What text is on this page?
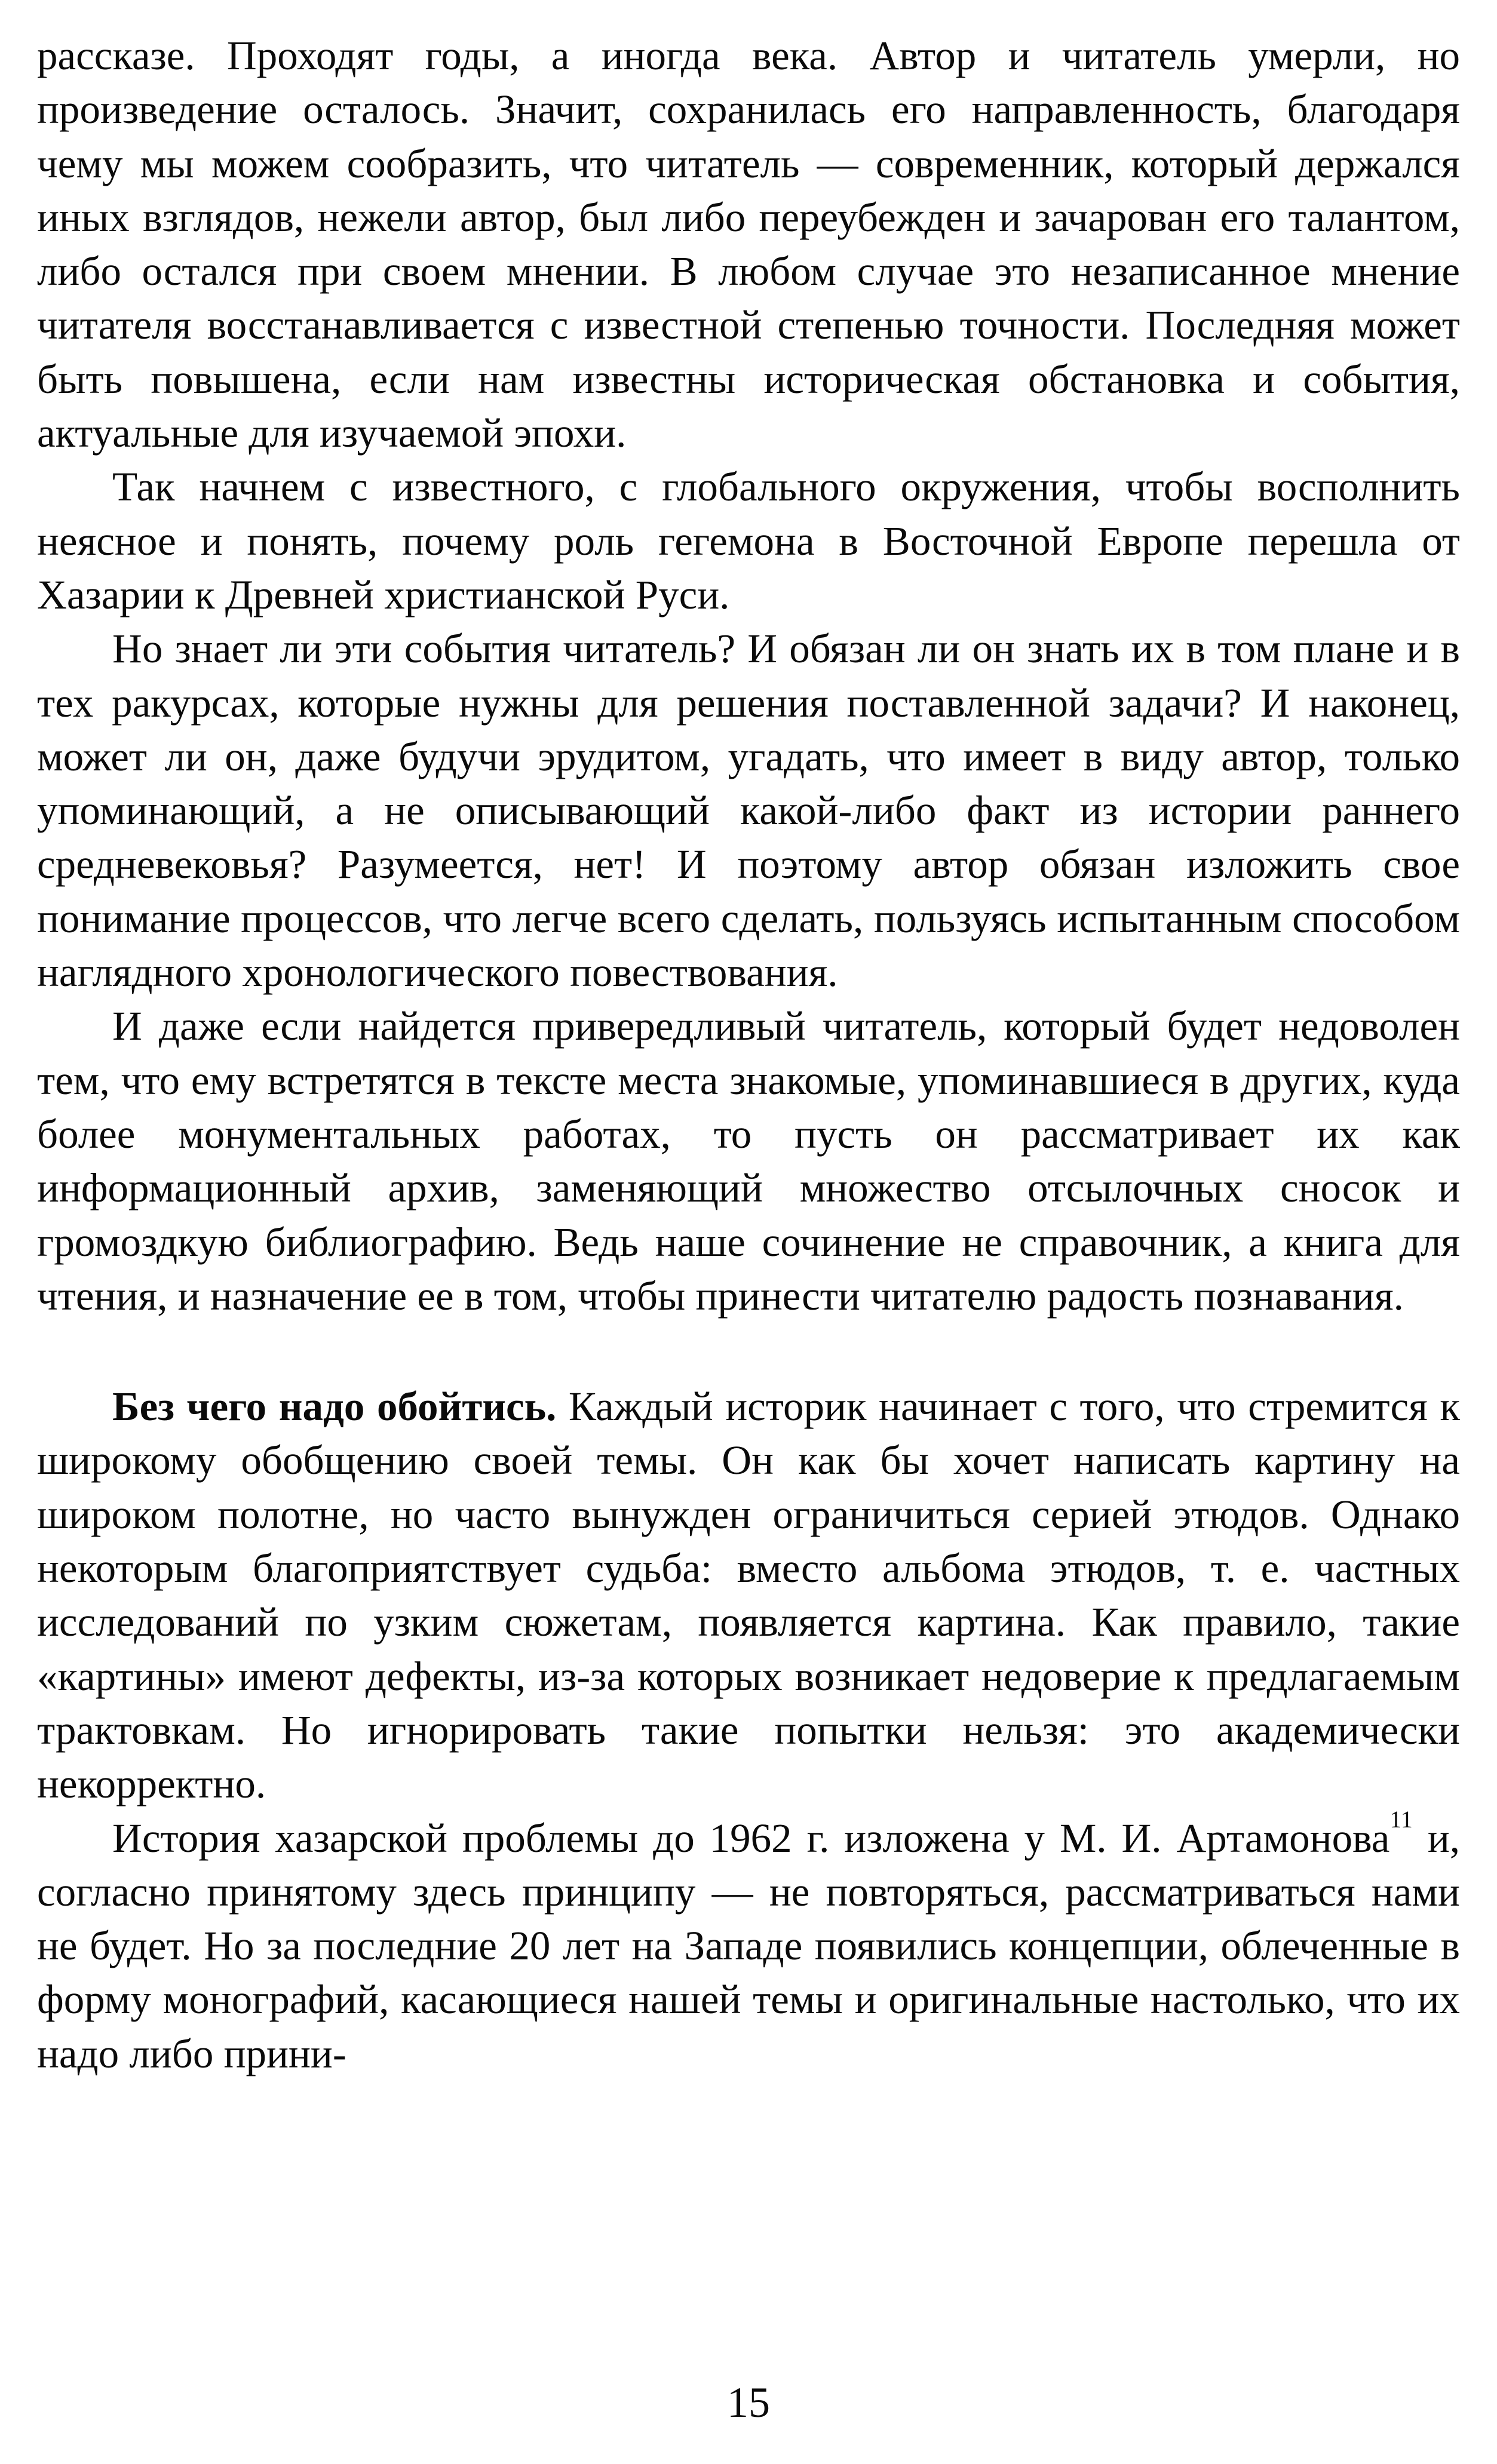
рассказе. Проходят годы, а иногда века. Автор и читатель умерли, но произведение осталось. Значит, сохранилась его направленность, благодаря чему мы можем сообразить, что читатель — современник, который держался иных взглядов, нежели автор, был либо переубежден и зачарован его талантом, либо остался при своем мнении. В любом случае это незаписанное мнение читателя восстанавливается с известной степенью точности. Последняя может быть повышена, если нам известны историческая обстановка и события, актуальные для изучаемой эпохи.

Так начнем с известного, с глобального окружения, чтобы восполнить неясное и понять, почему роль гегемона в Восточной Европе перешла от Хазарии к Древней христианской Руси.

Но знает ли эти события читатель? И обязан ли он знать их в том плане и в тех ракурсах, которые нужны для решения поставленной задачи? И наконец, может ли он, даже будучи эрудитом, угадать, что имеет в виду автор, только упоминающий, а не описывающий какой-либо факт из истории раннего средневековья? Разумеется, нет! И поэтому автор обязан изложить свое понимание процессов, что легче всего сделать, пользуясь испытанным способом наглядного хронологического повествования.

И даже если найдется привередливый читатель, который будет недоволен тем, что ему встретятся в тексте места знакомые, упоминавшиеся в других, куда более монументальных работах, то пусть он рассматривает их как информационный архив, заменяющий множество отсылочных сносок и громоздкую библиографию. Ведь наше сочинение не справочник, а книга для чтения, и назначение ее в том, чтобы принести читателю радость познавания.

Без чего надо обойтись. Каждый историк начинает с того, что стремится к широкому обобщению своей темы. Он как бы хочет написать картину на широком полотне, но часто вынужден ограничиться серией этюдов. Однако некоторым благоприятствует судьба: вместо альбома этюдов, т. е. частных исследований по узким сюжетам, появляется картина. Как правило, такие «картины» имеют дефекты, из-за которых возникает недоверие к предлагаемым трактовкам. Но игнорировать такие попытки нельзя: это академически некорректно.

История хазарской проблемы до 1962 г. изложена у М. И. Артамонова$^{11}$ и, согласно принятому здесь принципу — не повторяться, рассматриваться нами не будет. Но за последние 20 лет на Западе появились концепции, облеченные в форму монографий, касающиеся нашей темы и оригинальные настолько, что их надо либо прини-

15
